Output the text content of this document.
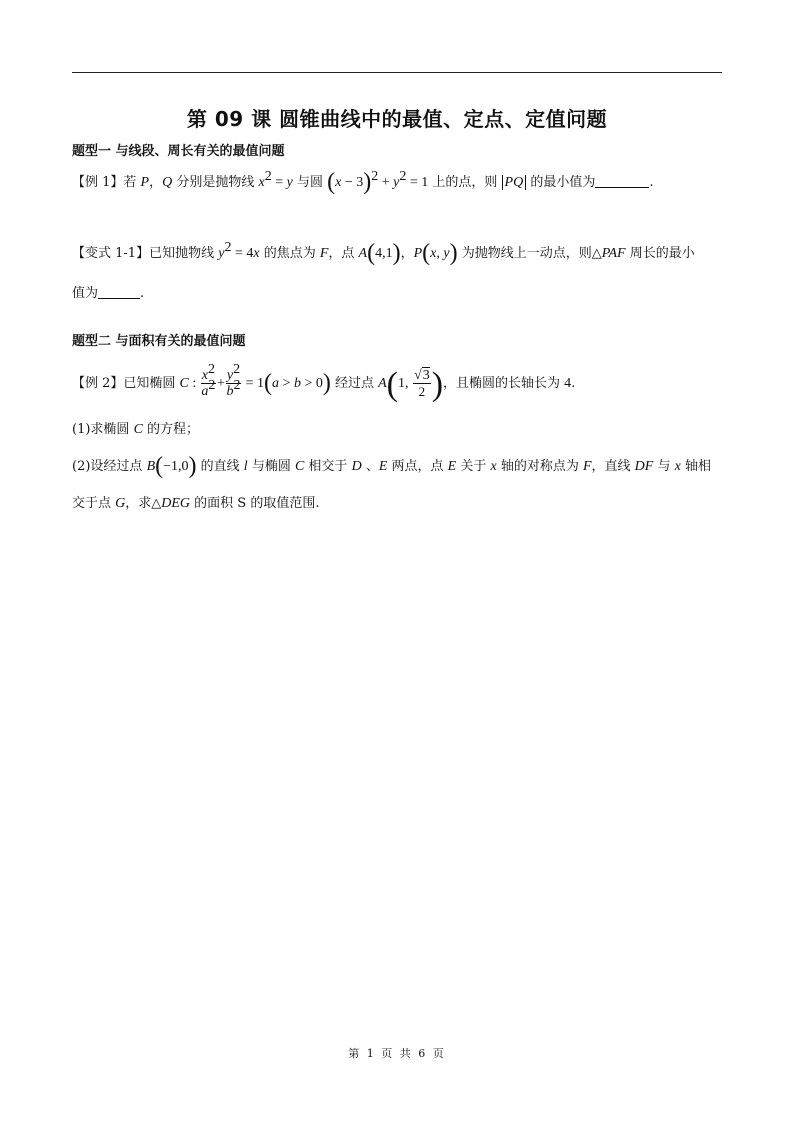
第 09 课 圆锥曲线中的最值、定点、定值问题
题型一 与线段、周长有关的最值问题
【例 1】若 P，Q 分别是抛物线 $x^2 = y$ 与圆 $(x - 3)^2 + y^2 = 1$ 上的点，则 PQ 的最小值为	.
【变式 1-1】已知抛物线 $y^2 = 4x$ 的焦点为 F，点 A(4,1)，P(x, y) 为抛物线上一动点，则△PAF 周长的最小
值为	.
题型二 与面积有关的最值问题
【例 2】已知椭圆 C : $\frac{x^2}{a^2} + \frac{y^2}{b^2} = 1(a > b > 0)$ 经过点 A(1, $\frac{√3}{2}$ )，且椭圆的长轴长为 4.
(1)求椭圆 C 的方程；
(2)设经过点 B(−1,0) 的直线 l 与椭圆 C 相交于 D 、E 两点，点 E 关于 x 轴的对称点为 F，直线 DF 与 x 轴相
交于点 G，求△DEG 的面积 S 的取值范围.
第 1 页 共 6 页
